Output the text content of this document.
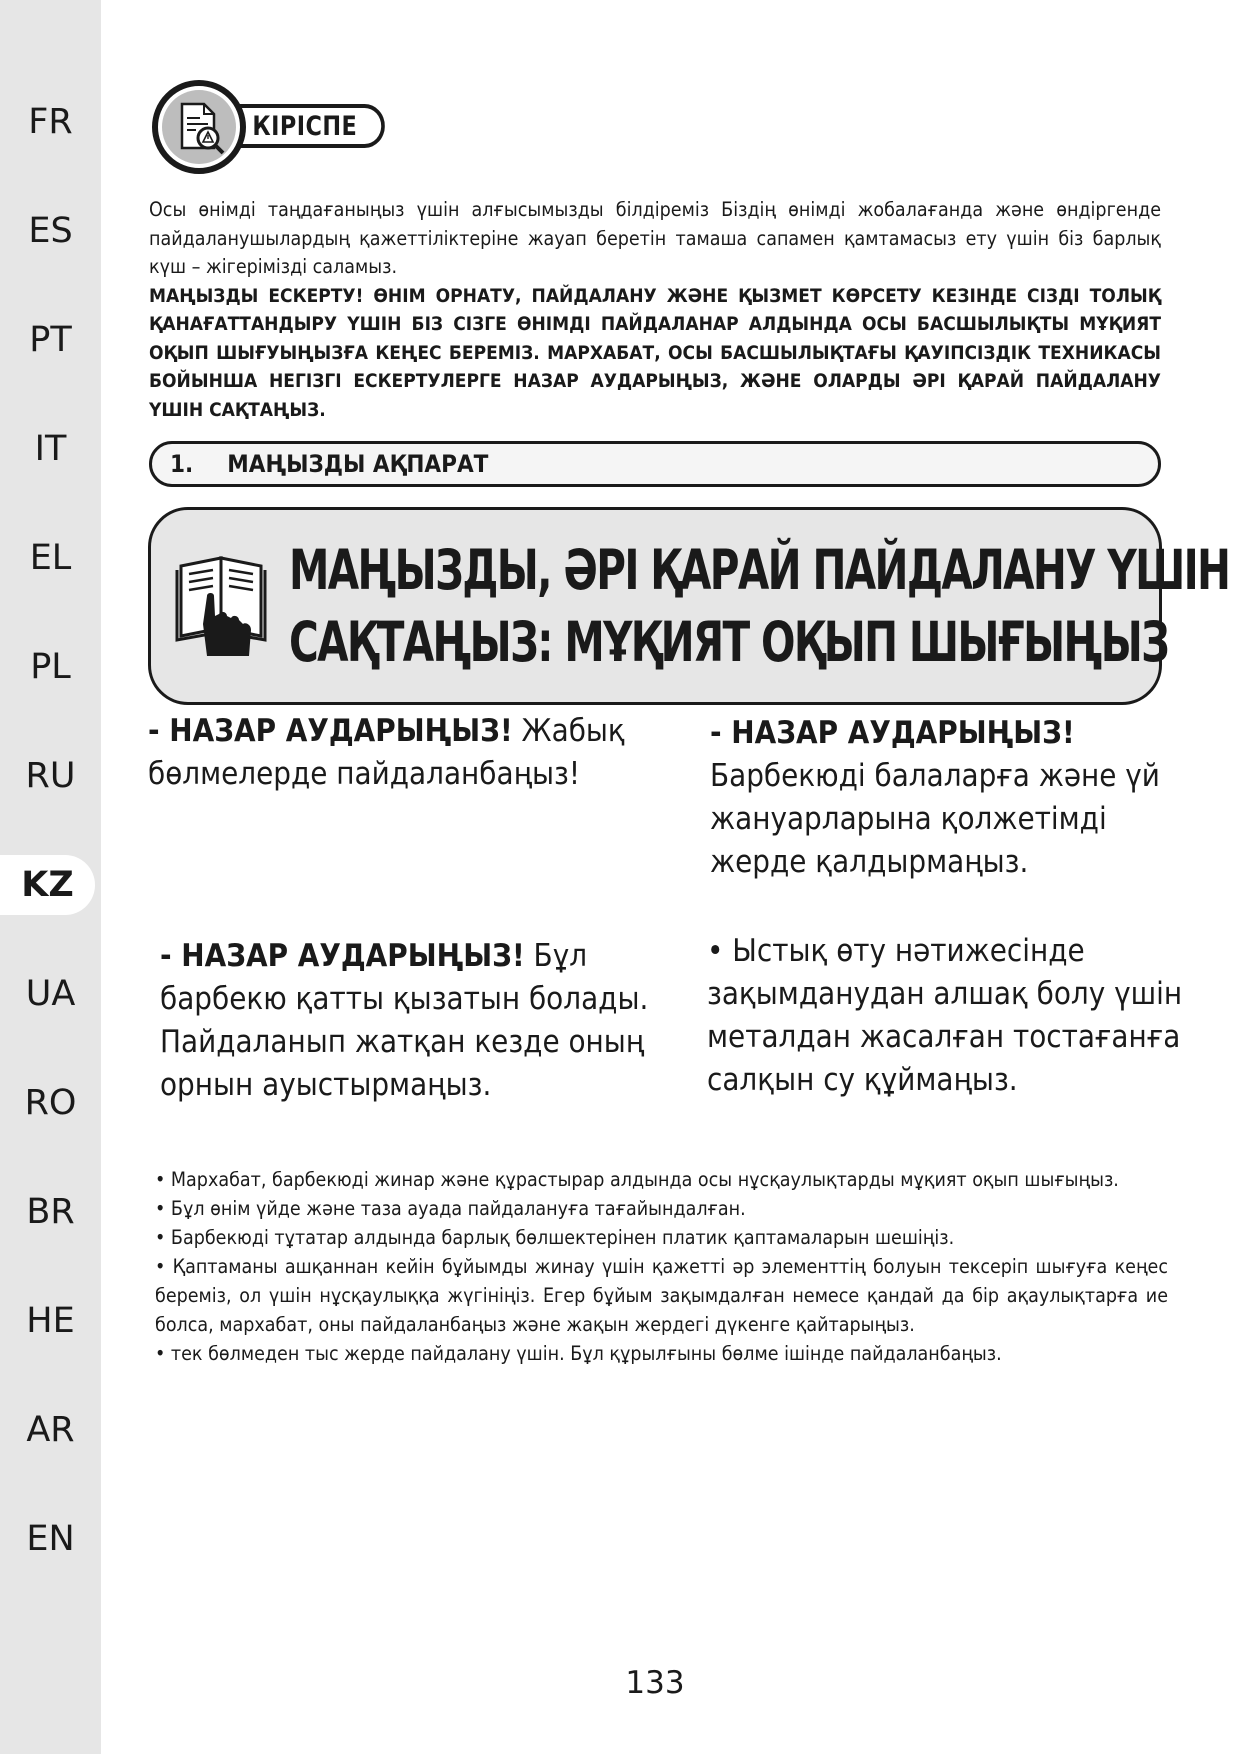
FR
ES
PT
IT
EL
PL
RU
KZ
UA
RO
BR
HE
AR
EN
КІРІСПЕ

Осы өнімді таңдағаныңыз үшін алғысымызды білдіреміз Біздің өнімді жобалағанда және өндіргенде пайдаланушылардың қажеттіліктеріне жауап беретін тамаша сапамен қамтамасыз ету үшін біз барлық күш – жігерімізді саламыз.

МАҢЫЗДЫ ЕСКЕРТУ! ӨНІМ ОРНАТУ, ПАЙДАЛАНУ ЖӘНЕ ҚЫЗМЕТ КӨРСЕТУ КЕЗІНДЕ СІЗДІ ТОЛЫҚ ҚАНАҒАТТАНДЫРУ ҮШІН БІЗ СІЗГЕ ӨНІМДІ ПАЙДАЛАНАР АЛДЫНДА ОСЫ БАСШЫЛЫҚТЫ МҰҚИЯТ ОҚЫП ШЫҒУЫҢЫЗҒА КЕҢЕС БЕРЕМІЗ. МАРХАБАТ, ОСЫ БАСШЫЛЫҚТАҒЫ ҚАУІПСІЗДІК ТЕХНИКАСЫ БОЙЫНША НЕГІЗГІ ЕСКЕРТУЛЕРГЕ НАЗАР АУДАРЫҢЫЗ, ЖӘНЕ ОЛАРДЫ ӘРІ ҚАРАЙ ПАЙДАЛАНУ ҮШІН САҚТАҢЫЗ.

1. МАҢЫЗДЫ АҚПАРАТ
МАҢЫЗДЫ, ӘРІ ҚАРАЙ ПАЙДАЛАНУ ҮШІН
САҚТАҢЫЗ: МҰҚИЯТ ОҚЫП ШЫҒЫҢЫЗ
- НАЗАР АУДАРЫҢЫЗ! Жабық бөлмелерде пайдаланбаңыз!
- НАЗАР АУДАРЫҢЫЗ!
Барбекюді балаларға және үй жануарларына қолжетімді жерде қалдырмаңыз.
- НАЗАР АУДАРЫҢЫЗ! Бұл барбекю қатты қызатын болады. Пайдаланып жатқан кезде оның орнын ауыстырмаңыз.
• Ыстық өту нәтижесінде зақымданудан алшақ болу үшін металдан жасалған тостағанға салқын су құймаңыз.

• Мархабат, барбекюді жинар және құрастырар алдында осы нұсқаулықтарды мұқият оқып шығыңыз.

• Бұл өнім үйде және таза ауада пайдалануға тағайындалған.

• Барбекюді тұтатар алдында барлық бөлшектерінен платик қаптамаларын шешіңіз.

• Қаптаманы ашқаннан кейін бұйымды жинау үшін қажетті әр элементтің болуын тексеріп шығуға кеңес береміз, ол үшін нұсқаулыққа жүгініңіз. Егер бұйым зақымдалған немесе қандай да бір ақаулықтарға ие болса, мархабат, оны пайдаланбаңыз және жақын жердегі дүкенге қайтарыңыз.

• тек бөлмеден тыс жерде пайдалану үшін. Бұл құрылғыны бөлме ішінде пайдаланбаңыз.

133
